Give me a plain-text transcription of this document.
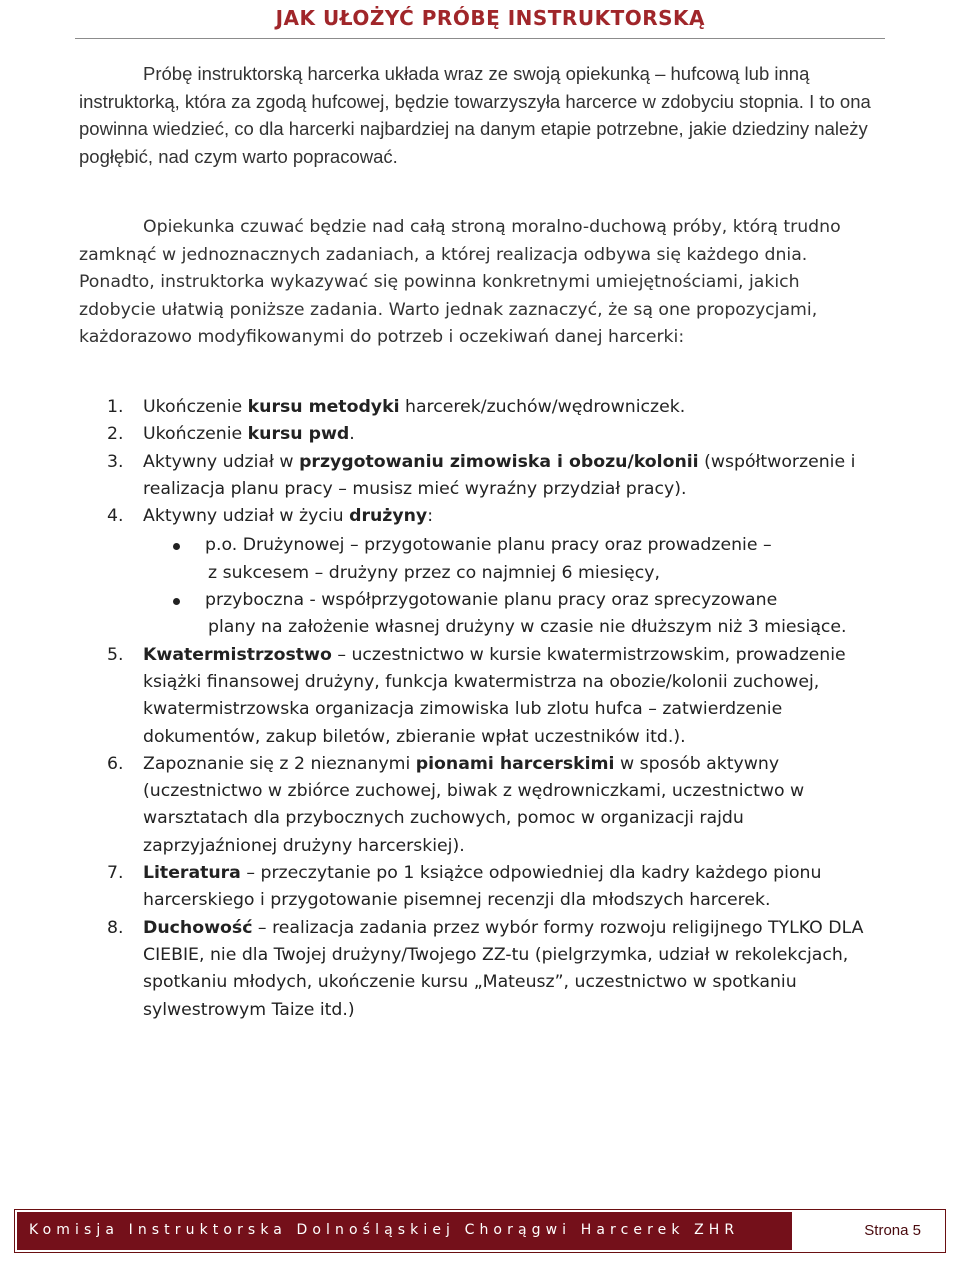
JAK UŁOŻYĆ PRÓBĘ INSTRUKTORSKĄ

Próbę instruktorską harcerka układa wraz ze swoją opiekunką – hufcową lub inną instruktorką, która za zgodą hufcowej, będzie towarzyszyła harcerce w zdobyciu stopnia. I to ona powinna wiedzieć, co dla harcerki najbardziej na danym etapie potrzebne, jakie dziedziny należy pogłębić, nad czym warto popracować.

Opiekunka czuwać będzie nad całą stroną moralno-duchową próby, którą trudno zamknąć w jednoznacznych zadaniach, a której realizacja odbywa się każdego dnia. Ponadto, instruktorka wykazywać się powinna konkretnymi umiejętnościami, jakich zdobycie ułatwią poniższe zadania. Warto jednak zaznaczyć, że są one propozycjami, każdorazowo modyfikowanymi do potrzeb i oczekiwań danej harcerki:

1. Ukończenie kursu metodyki harcerek/zuchów/wędrowniczek.
2. Ukończenie kursu pwd.
3. Aktywny udział w przygotowaniu zimowiska i obozu/kolonii (współtworzenie i realizacja planu pracy – musisz mieć wyraźny przydział pracy).
4. Aktywny udział w życiu drużyny:
p.o. Drużynowej – przygotowanie planu pracy oraz prowadzenie –
z sukcesem – drużyny przez co najmniej 6 miesięcy,
przyboczna - współprzygotowanie planu pracy oraz sprecyzowane
plany na założenie własnej drużyny w czasie nie dłuższym niż 3 miesiące.
5. Kwatermistrzostwo – uczestnictwo w kursie kwatermistrzowskim, prowadzenie książki finansowej drużyny, funkcja kwatermistrza na obozie/kolonii zuchowej, kwatermistrzowska organizacja zimowiska lub zlotu hufca – zatwierdzenie dokumentów, zakup biletów, zbieranie wpłat uczestników itd.).
6. Zapoznanie się z 2 nieznanymi pionami harcerskimi w sposób aktywny (uczestnictwo w zbiórce zuchowej, biwak z wędrowniczkami, uczestnictwo w warsztatach dla przybocznych zuchowych, pomoc w organizacji rajdu zaprzyjaźnionej drużyny harcerskiej).
7. Literatura – przeczytanie po 1 książce odpowiedniej dla kadry każdego pionu harcerskiego i przygotowanie pisemnej recenzji dla młodszych harcerek.
8. Duchowość – realizacja zadania przez wybór formy rozwoju religijnego TYLKO DLA CIEBIE, nie dla Twojej drużyny/Twojego ZZ-tu (pielgrzymka, udział w rekolekcjach, spotkaniu młodych, ukończenie kursu „Mateusz”, uczestnictwo w spotkaniu sylwestrowym Taize itd.)
Komisja Instruktorska Dolnośląskiej Chorągwi Harcerek ZHR	Strona 5
